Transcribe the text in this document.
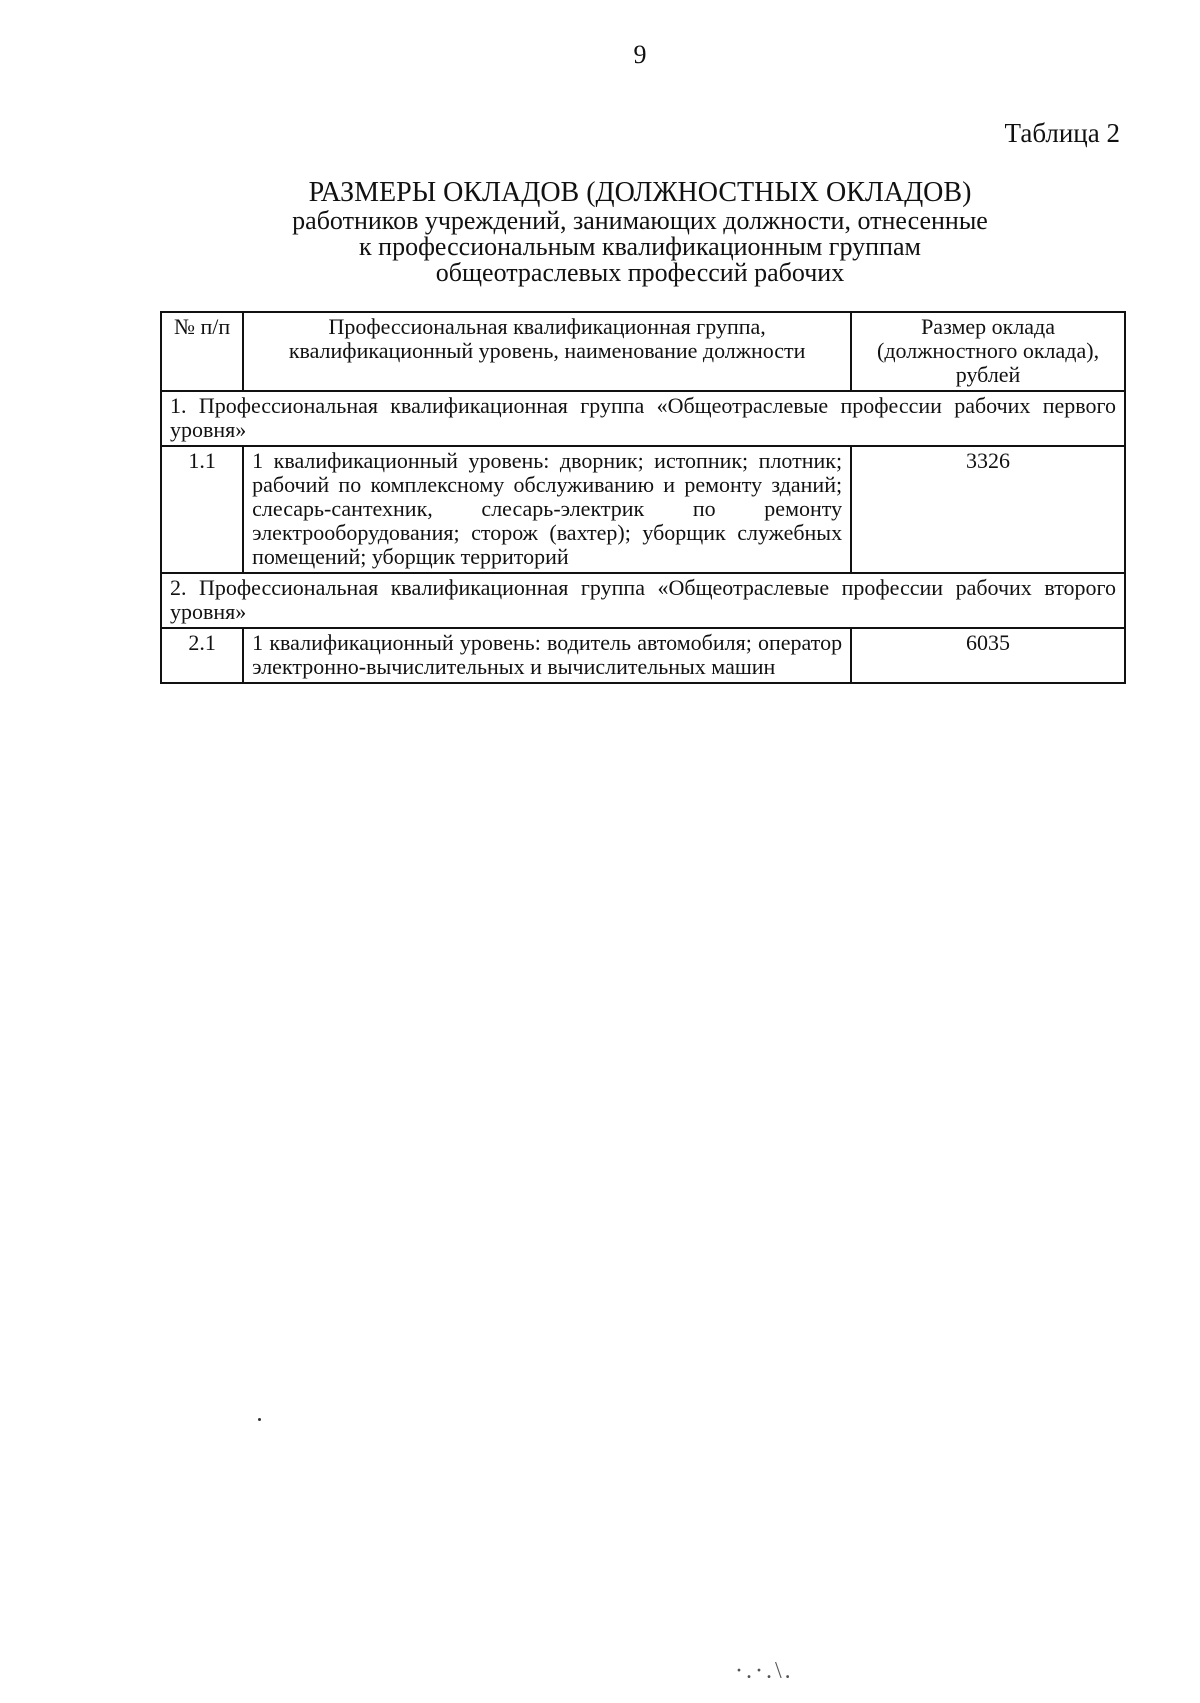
9
Таблица 2
РАЗМЕРЫ ОКЛАДОВ (ДОЛЖНОСТНЫХ ОКЛАДОВ)
работников учреждений, занимающих должности, отнесенные
к профессиональным квалификационным группам
общеотраслевых профессий рабочих
№ п/п	Профессиональная квалификационная группа, квалификационный уровень, наименование должности	Размер оклада (должностного оклада), рублей
1. Профессиональная квалификационная группа «Общеотраслевые профессии рабочих первого уровня»		
1.1	1 квалификационный уровень: дворник; истопник; плотник; рабочий по комплексному обслуживанию и ремонту зданий; слесарь-сантехник, слесарь-электрик по ремонту электрооборудования; сторож (вахтер); уборщик служебных помещений; уборщик территорий	3326
2. Профессиональная квалификационная группа «Общеотраслевые профессии рабочих второго уровня»		
2.1	1 квалификационный уровень: водитель автомобиля; оператор электронно-вычислительных и вычислительных машин	6035
·.·.\.
